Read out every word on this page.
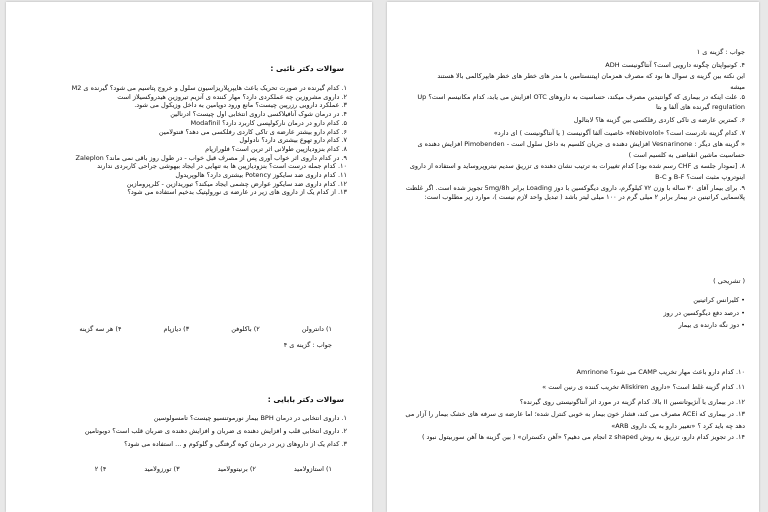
سوالات دکتر نائبی :
۱. کدام گیرنده در صورت تحریک باعث هایپرپلاریزاسیون سلول و خروج پتاسیم می شود؟ گیرنده ی M2
۲. داروی مشروزین چه عملکردی دارد؟ مهار کننده ی آنزیم تیروزین هیدروکسیلاز است
۳. عملکرد دارویی رزرپین چیست؟ مانع ورود دوپامین به داخل وزیکول می شود.
۴. در درمان شوک آنافیلاکسی داروی انتخابی اول چیست؟ ادرنالین
۵. کدام دارو در درمان نارکولپسی کاربرد دارد؟ Modafinil
۶. کدام دارو بیشتر عارضه ی تاکی کاردی رفلکسی می دهد؟ فنتولامین
۷. کدام دارو تهوع بیشتری دارد؟ نادولول
۸. کدام بنزودیازپین طولانی اثر ترین است؟ فلورازپام
۹. در کدام داروی اثر خواب آوری پس از مصرف قبل خواب - در طول روز باقی نمی ماند؟ Zaleplon
۱۰. کدام جمله درست است؟ بنزودیازپین ها به تنهایی در ایجاد بیهوشی جراحی کاربردی ندارند
۱۱. کدام داروی ضد سایکوز Potency بیشتری دارد؟ هالوپریدول
۱۲. کدام داروی ضد سایکوز عوارض چشمی ایجاد میکند؟ تیوریدازین - کلرپرومازین
۱۳. از کدام یک از داروی های زیر در عارضه ی نورولپتیک بدخیم استفاده می شود؟
۱) دانترولن
۲) باکلوفن
۳) دیازپام
۴) هر سه گزینه
جواب : گزینه ی ۴
سوالات دکتر بابایی :
۱. داروی انتخابی در درمان BPH بیمار نورموتنسیو چیست؟ تامسولوسین
۲. داروی انتخابی قلب و افزایش دهنده ی ضربان و افزایش دهنده ی ضربان قلب است؟ دوبوتامین
۳. کدام یک از داروهای زیر در درمان کوه گرفتگی و گلوکوم و ... استفاده می شود؟
۱) استازولامید
۲) برنیتوولامید
۳) تورزولامید
۴) ۲
جواب : گزینه ی ۱
۴. کونیواپتان چگونه دارویی است؟ آنتاگونیست ADH
این نکته بین گزینه ی سوال ها بود که مصرف همزمان اپیتنستامین با مدر های خطر های خطر هایپرکالمی بالا هستند
میشه
۵. علت اینکه در بیماری که گوانتیدین مصرف میکند، حساسیت به داروهای OTC افزایش می یابد، کدام مکانیسم است؟ Up
regulation گیرنده های آلفا و بتا
۶. کمترین عارضه ی تاکی کاردی رفلکسی بین گزینه ها؟ لابتالول
۷. کدام گزینه نادرست است؟ «Nebivolol» خاصیت آلفا آگونیست ( یا آنتاگونیست ) ای دارد»
« گزینه های دیگر : Vesnarinone افزایش دهنده ی جریان کلسیم به داخل سلول است - Pimobenden افزایش دهنده ی
حساسیت ماشین انقباضی به کلسیم است )
۸. [نمودار جلسه ی CHF رسم شده بود] کدام تغییرات به ترتیب نشان دهنده ی تزریق سدیم نیتروپروساید و استفاده از داروی
اینوتروپ مثبت است؟ B-F و B-C
۹. برای بیمار آقای ۳۰ ساله با وزن ۷۲ کیلوگرم، داروی دیگوکسین با دوز Loading برابر 5mg/8h تجویز شده است. اگر غلظت
پلاسمایی کراتینین در بیمار برابر ۲ میلی گرم در ۱۰۰ میلی لیتر باشد ( تبدیل واحد لازم نیست )، موارد زیر مطلوب است:
( تشریحی )
• کلیرانس کراتینین
• درصد دفع دیگوکسین در روز
• دوز نگه دارنده ی بیمار
۱۰. کدام دارو باعث مهار تخریب CAMP می شود؟ Amrinone
۱۱. کدام گزینه غلط است؟ «داروی Aliskiren تخریب کننده ی رنین است »
۱۲. در بیماری با آنژیوتانسین II بالا، کدام گزینه در مورد اثر آنتاگونیستی روی گیرنده؟
۱۳. در بیماری که ACEi مصرف می کند، فشار خون بیمار به خوبی کنترل شده؛ اما عارضه ی سرفه های خشک بیمار را آزار می
دهد چه باید کرد ؟ «تعییر دارو به یک داروی ARB»
۱۴. در تجویز کدام دارو، تزریق به روش z shaped انجام می دهیم؟ «آهن دکستران» ( بین گزینه ها آهن سوربیتول نبود )
